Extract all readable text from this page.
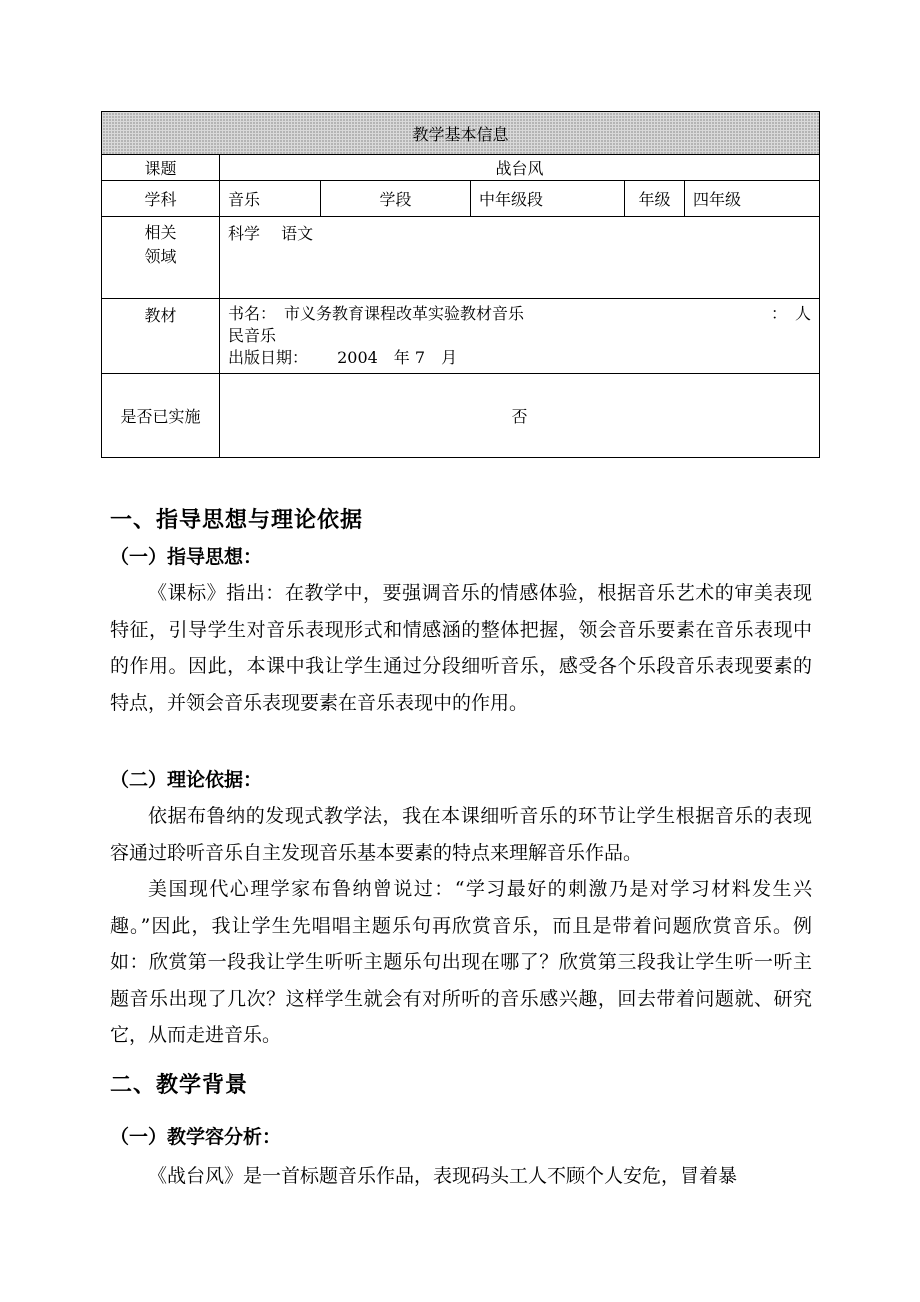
教学基本信息					
课题	战台风				
学科	音乐	学段	中年级段	年级	四年级

相关
领域	科学　 语文				
教材	书名：　市义务教育课程改革实验教材音乐 ：　人
民音乐
出版日期：　　 2004　年 7　月				

是否已实施	否				
一、指导思想与理论依据
（一）指导思想：
《课标》指出：在教学中，要强调音乐的情感体验，根据音乐艺术的审美表现特征，引导学生对音乐表现形式和情感涵的整体把握，领会音乐要素在音乐表现中的作用。因此，本课中我让学生通过分段细听音乐，感受各个乐段音乐表现要素的特点，并领会音乐表现要素在音乐表现中的作用。
（二）理论依据：
依据布鲁纳的发现式教学法，我在本课细听音乐的环节让学生根据音乐的表现容通过聆听音乐自主发现音乐基本要素的特点来理解音乐作品。
美国现代心理学家布鲁纳曾说过：“学习最好的刺激乃是对学习材料发生兴趣。”因此，我让学生先唱唱主题乐句再欣赏音乐，而且是带着问题欣赏音乐。例如：欣赏第一段我让学生听听主题乐句出现在哪了？欣赏第三段我让学生听一听主题音乐出现了几次？这样学生就会有对所听的音乐感兴趣，回去带着问题就、研究它，从而走进音乐。
二、教学背景
（一）教学容分析：
《战台风》是一首标题音乐作品，表现码头工人不顾个人安危，冒着暴
